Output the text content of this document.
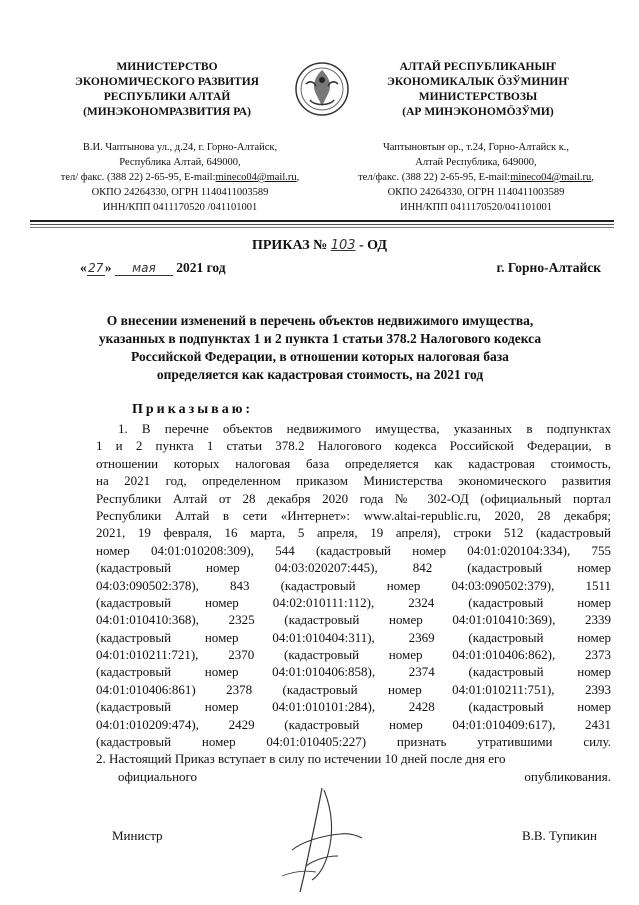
МИНИСТЕРСТВО
ЭКОНОМИЧЕСКОГО РАЗВИТИЯ
РЕСПУБЛИКИ АЛТАЙ
(МИНЭКОНОМРАЗВИТИЯ РА)
АЛТАЙ РЕСПУБЛИКАНЫҤ
ЭКОНОМИКАЛЫК ÖЗЎМИНИҤ
МИНИСТЕРСТВОЗЫ
(АР МИНЭКОНОМÖЗЎМИ)
В.И. Чаптынова ул., д.24, г. Горно-Алтайск,
Республика Алтай, 649000,
тел/ факс. (388 22) 2-65-95, E-mail:mineco04@mail.ru,
ОКПО 24264330, ОГРН 1140411003589
ИНН/КПП 0411170520 /041101001
Чаптыновтыҥ ор., т.24, Горно-Алтайск к.,
Алтай Республика, 649000,
тел/факс. (388 22) 2-65-95, E-mail:mineco04@mail.ru,
ОКПО 24264330, ОГРН 1140411003589
ИНН/КПП 0411170520/041101001
ПРИКАЗ № 103 - ОД
«27» мая 2021 год	г. Горно-Алтайск
О внесении изменений в перечень объектов недвижимого имущества,
указанных в подпунктах 1 и 2 пункта 1 статьи 378.2 Налогового кодекса
Российской Федерации, в отношении которых налоговая база
определяется как кадастровая стоимость, на 2021 год
Приказываю:
1. В перечне объектов недвижимого имущества, указанных в подпунктах
1 и 2 пункта 1 статьи 378.2 Налогового кодекса Российской Федерации, в
отношении которых налоговая база определяется как кадастровая стоимость,
на 2021 год, определенном приказом Министерства экономического развития
Республики Алтай от 28 декабря 2020 года № 302-ОД (официальный портал
Республики Алтай в сети «Интернет»: www.altai-republic.ru, 2020, 28 декабря;
2021, 19 февраля, 16 марта, 5 апреля, 19 апреля), строки 512 (кадастровый
номер 04:01:010208:309), 544 (кадастровый номер 04:01:020104:334), 755
(кадастровый номер 04:03:020207:445), 842 (кадастровый номер
04:03:090502:378), 843 (кадастровый номер 04:03:090502:379), 1511
(кадастровый номер 04:02:010111:112), 2324 (кадастровый номер
04:01:010410:368), 2325 (кадастровый номер 04:01:010410:369), 2339
(кадастровый номер 04:01:010404:311), 2369 (кадастровый номер
04:01:010211:721), 2370 (кадастровый номер 04:01:010406:862), 2373
(кадастровый номер 04:01:010406:858), 2374 (кадастровый номер
04:01:010406:861) 2378 (кадастровый номер 04:01:010211:751), 2393
(кадастровый номер 04:01:010101:284), 2428 (кадастровый номер
04:01:010209:474), 2429 (кадастровый номер 04:01:010409:617), 2431
(кадастровый номер 04:01:010405:227) признать утратившими силу.
2. Настоящий Приказ вступает в силу по истечении 10 дней после дня его
официального опубликования.
Министр	В.В. Тупикин
